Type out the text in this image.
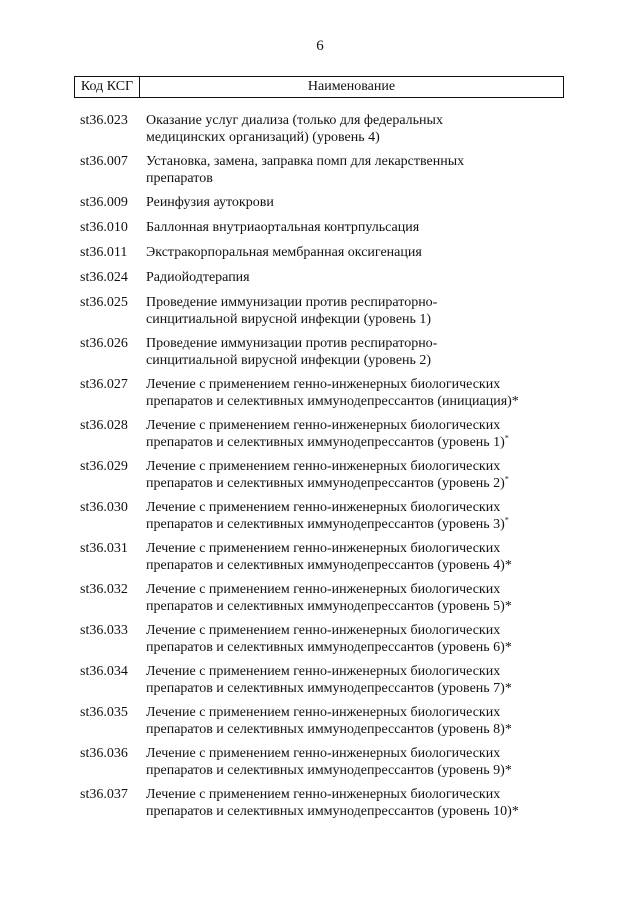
6
Код КСГ	Наименование
st36.023	Оказание услуг диализа (только для федеральных
медицинских организаций) (уровень 4)
st36.007	Установка, замена, заправка помп для лекарственных
препаратов
st36.009	Реинфузия аутокрови
st36.010	Баллонная внутриаортальная контрпульсация
st36.011	Экстракорпоральная мембранная оксигенация
st36.024	Радиойодтерапия
st36.025	Проведение иммунизации против респираторно-
синцитиальной вирусной инфекции (уровень 1)
st36.026	Проведение иммунизации против респираторно-
синцитиальной вирусной инфекции (уровень 2)
st36.027	Лечение с применением генно-инженерных биологических
препаратов и селективных иммунодепрессантов (инициация)*
st36.028	Лечение с применением генно-инженерных биологических
препаратов и селективных иммунодепрессантов (уровень 1)*
st36.029	Лечение с применением генно-инженерных биологических
препаратов и селективных иммунодепрессантов (уровень 2)*
st36.030	Лечение с применением генно-инженерных биологических
препаратов и селективных иммунодепрессантов (уровень 3)*
st36.031	Лечение с применением генно-инженерных биологических
препаратов и селективных иммунодепрессантов (уровень 4)*
st36.032	Лечение с применением генно-инженерных биологических
препаратов и селективных иммунодепрессантов (уровень 5)*
st36.033	Лечение с применением генно-инженерных биологических
препаратов и селективных иммунодепрессантов (уровень 6)*
st36.034	Лечение с применением генно-инженерных биологических
препаратов и селективных иммунодепрессантов (уровень 7)*
st36.035	Лечение с применением генно-инженерных биологических
препаратов и селективных иммунодепрессантов (уровень 8)*
st36.036	Лечение с применением генно-инженерных биологических
препаратов и селективных иммунодепрессантов (уровень 9)*
st36.037	Лечение с применением генно-инженерных биологических
препаратов и селективных иммунодепрессантов (уровень 10)*
